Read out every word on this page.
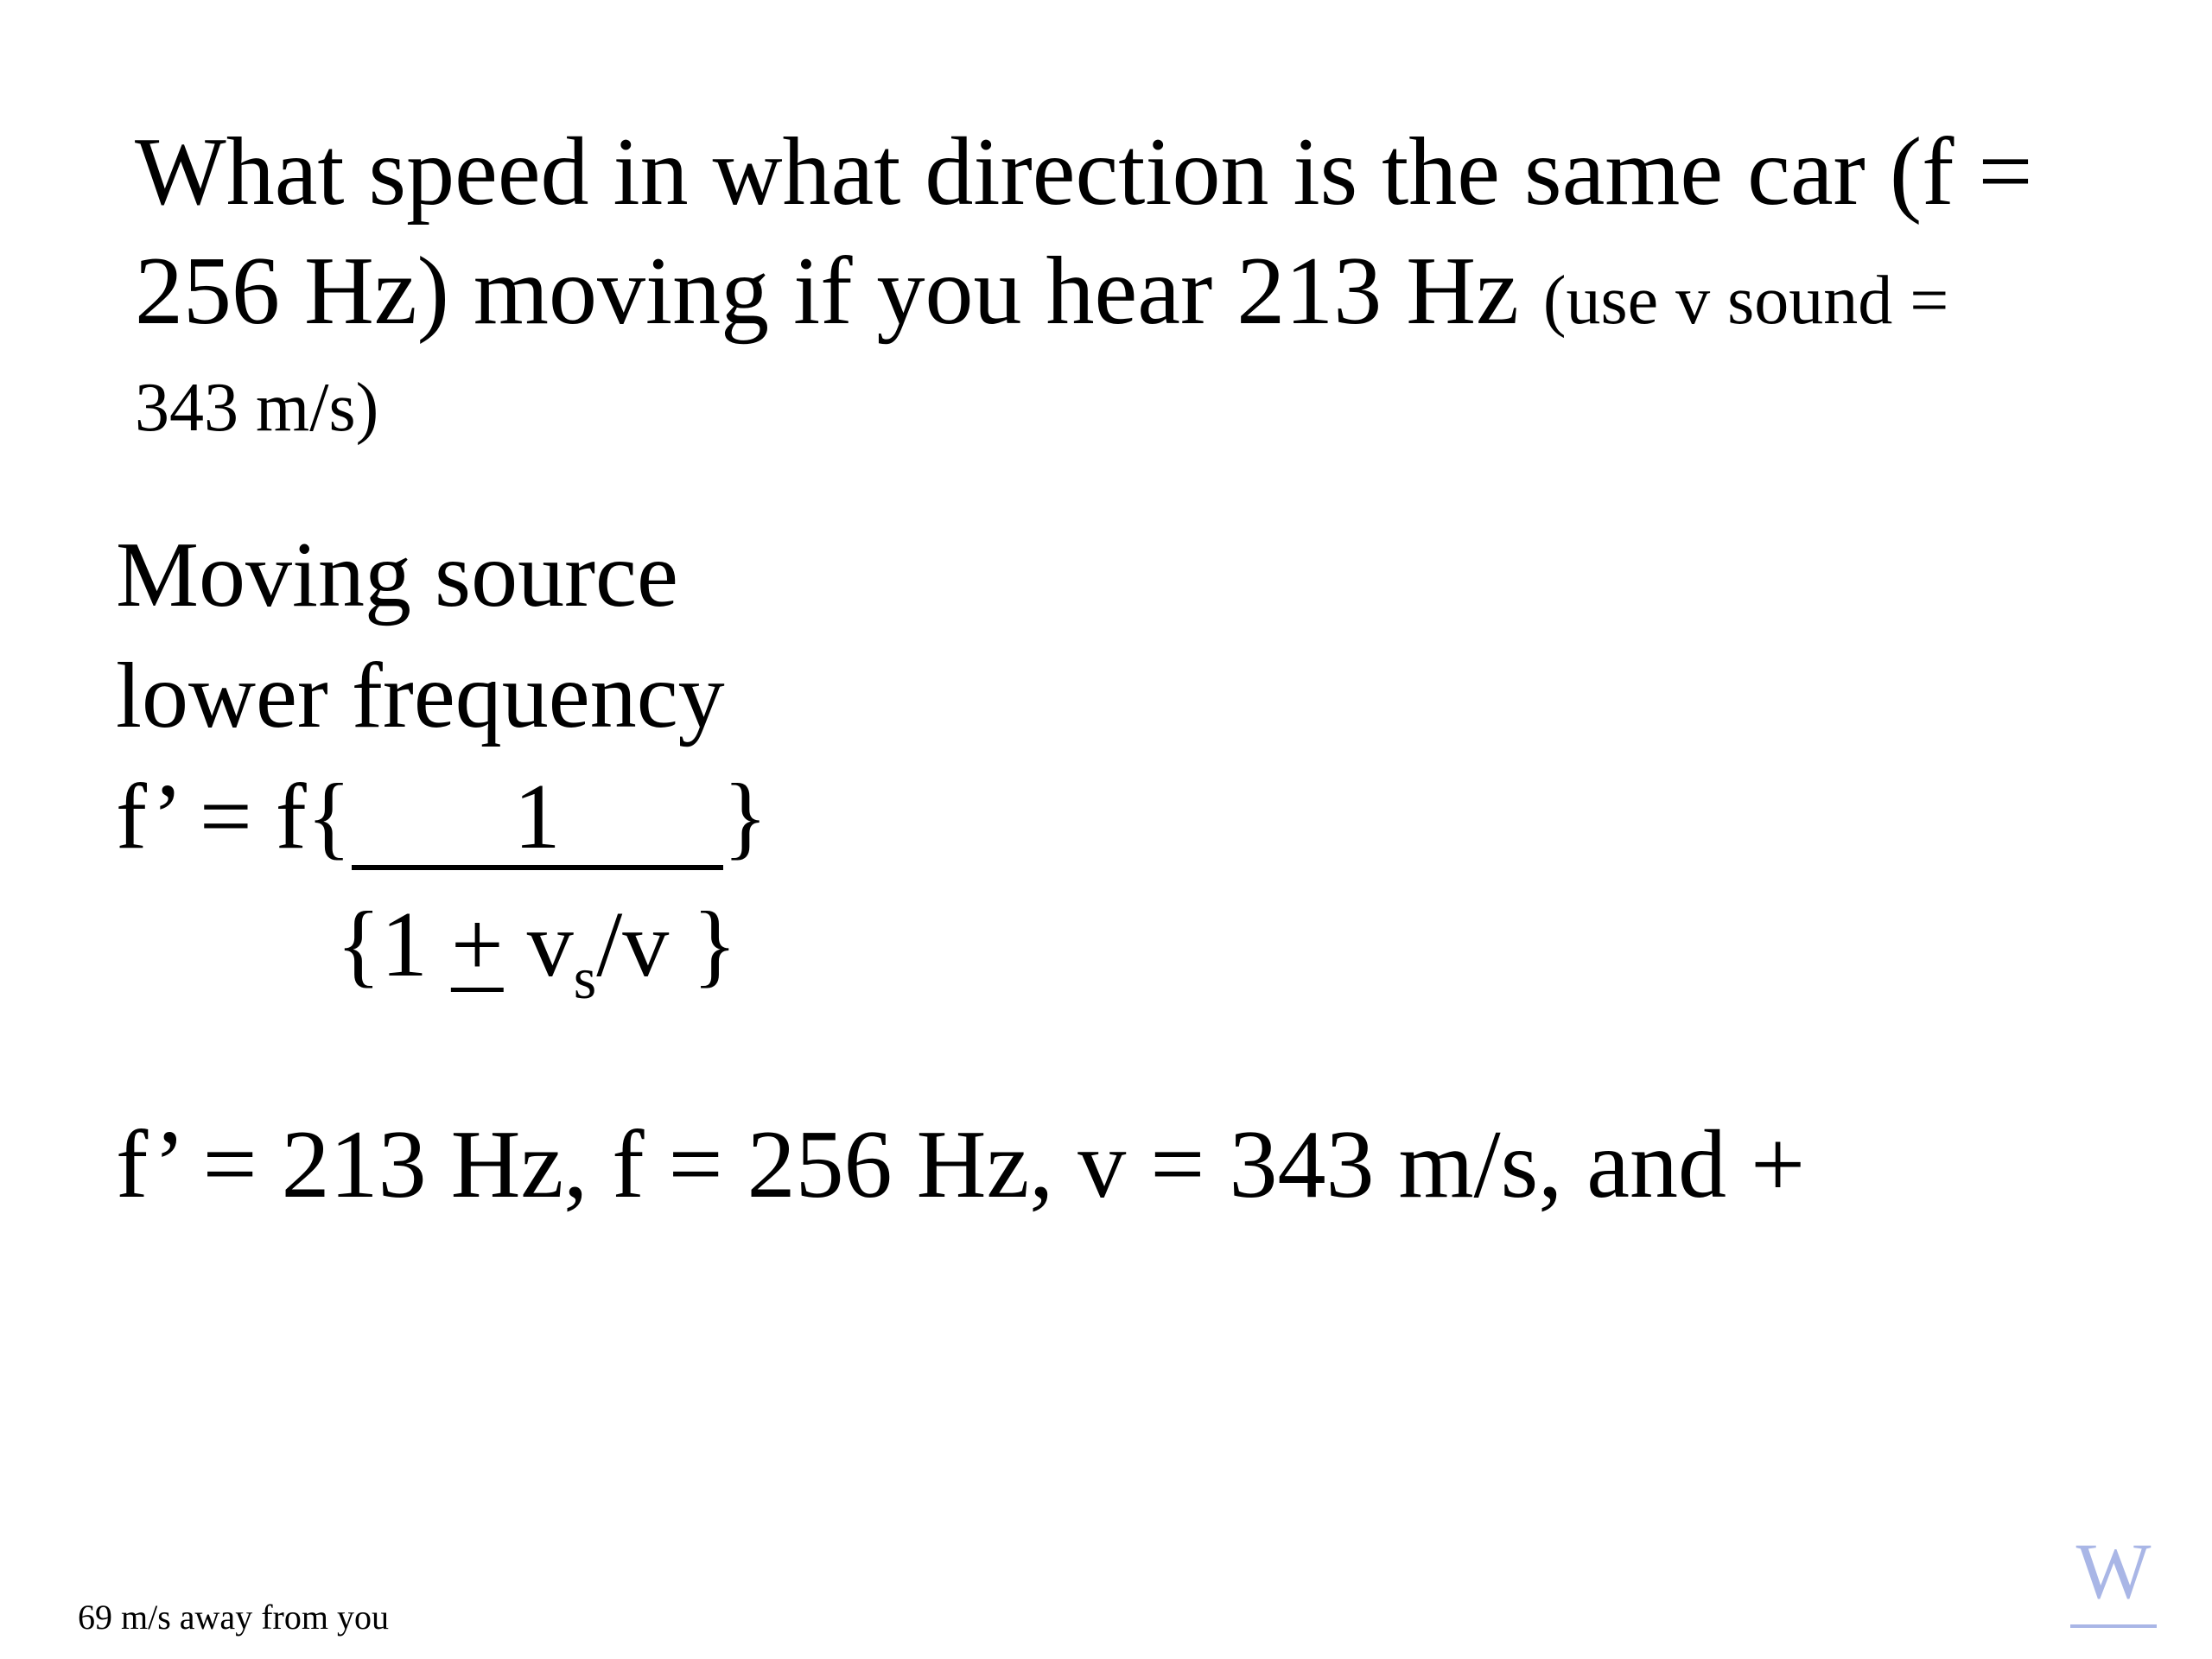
What speed in what direction is the same car (f =
256 Hz) moving if you hear 213 Hz (use v sound =
343 m/s)

Moving source
lower frequency
f’ = f{ 1 }
{$1 + v_s/v$ }
f’ = 213 Hz, f = 256 Hz, v = 343 m/s, and +
69 m/s away from you
W
